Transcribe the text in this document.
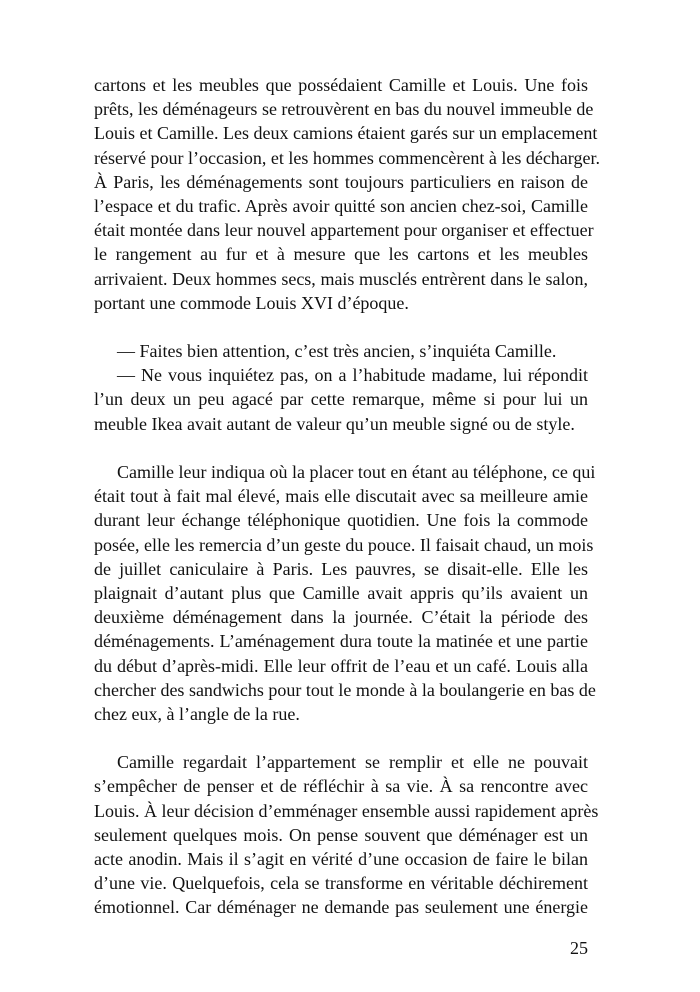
cartons et les meubles que possédaient Camille et Louis. Une fois
prêts, les déménageurs se retrouvèrent en bas du nouvel immeuble de
Louis et Camille. Les deux camions étaient garés sur un emplacement
réservé pour l’occasion, et les hommes commencèrent à les décharger.
À Paris, les déménagements sont toujours particuliers en raison de
l’espace et du trafic. Après avoir quitté son ancien chez-soi, Camille
était montée dans leur nouvel appartement pour organiser et effectuer
le rangement au fur et à mesure que les cartons et les meubles
arrivaient. Deux hommes secs, mais musclés entrèrent dans le salon,
portant une commode Louis XVI d’époque.
— Faites bien attention, c’est très ancien, s’inquiéta Camille.
— Ne vous inquiétez pas, on a l’habitude madame, lui répondit
l’un deux un peu agacé par cette remarque, même si pour lui un
meuble Ikea avait autant de valeur qu’un meuble signé ou de style.
Camille leur indiqua où la placer tout en étant au téléphone, ce qui
était tout à fait mal élevé, mais elle discutait avec sa meilleure amie
durant leur échange téléphonique quotidien. Une fois la commode
posée, elle les remercia d’un geste du pouce. Il faisait chaud, un mois
de juillet caniculaire à Paris. Les pauvres, se disait-elle. Elle les
plaignait d’autant plus que Camille avait appris qu’ils avaient un
deuxième déménagement dans la journée. C’était la période des
déménagements. L’aménagement dura toute la matinée et une partie
du début d’après-midi. Elle leur offrit de l’eau et un café. Louis alla
chercher des sandwichs pour tout le monde à la boulangerie en bas de
chez eux, à l’angle de la rue.
Camille regardait l’appartement se remplir et elle ne pouvait
s’empêcher de penser et de réfléchir à sa vie. À sa rencontre avec
Louis. À leur décision d’emménager ensemble aussi rapidement après
seulement quelques mois. On pense souvent que déménager est un
acte anodin. Mais il s’agit en vérité d’une occasion de faire le bilan
d’une vie. Quelquefois, cela se transforme en véritable déchirement
émotionnel. Car déménager ne demande pas seulement une énergie
25
